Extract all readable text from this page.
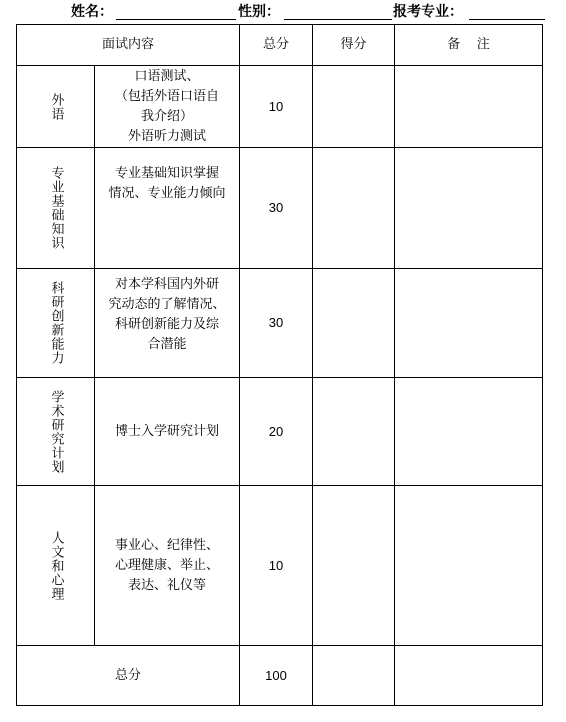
姓名：	性别：	报考专业：
面试内容		总分	得分	备    注

外语	口语测试、
（包括外语口语自
我介绍）
外语听力测试	10		

专业基础知识	专业基础知识掌握
情况、专业能力倾向	30		

科研创新能力	对本学科国内外研
究动态的了解情况、
科研创新能力及综
合潜能	30		

学术研究计划	博士入学研究计划	20		

人文和心理	事业心、纪律性、
心理健康、举止、
表达、礼仪等	10		
总分		100		
